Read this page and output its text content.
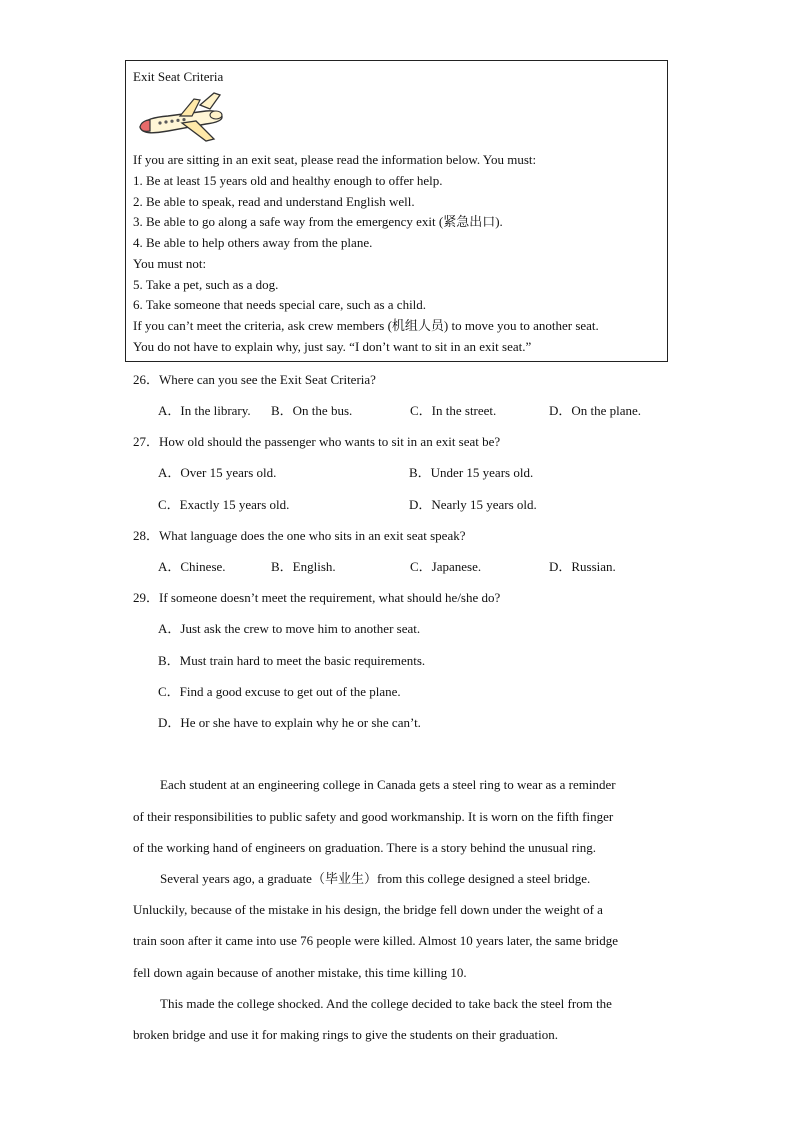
Exit Seat Criteria
If you are sitting in an exit seat, please read the information below. You must:
1. Be at least 15 years old and healthy enough to offer help.
2. Be able to speak, read and understand English well.
3. Be able to go along a safe way from the emergency exit (紧急出口).
4. Be able to help others away from the plane.
You must not:
5. Take a pet, such as a dog.
6. Take someone that needs special care, such as a child.
If you can’t meet the criteria, ask crew members (机组人员) to move you to another seat.
You do not have to explain why, just say. “I don’t want to sit in an exit seat.”
26．Where can you see the Exit Seat Criteria?
A．In the library. B．On the bus.	C．In the street.	D．On the plane.
27．How old should the passenger who wants to sit in an exit seat be?
A．Over 15 years old.	B．Under 15 years old.
C．Exactly 15 years old.	D．Nearly 15 years old.
28．What language does the one who sits in an exit seat speak?
A．Chinese.	B．English.	C．Japanese.	D．Russian.
29．If someone doesn’t meet the requirement, what should he/she do?
A．Just ask the crew to move him to another seat.
B．Must train hard to meet the basic requirements.
C．Find a good excuse to get out of the plane.
D．He or she have to explain why he or she can’t.
Each student at an engineering college in Canada gets a steel ring to wear as a reminder
of their responsibilities to public safety and good workmanship. It is worn on the fifth finger
of the working hand of engineers on graduation. There is a story behind the unusual ring.
Several years ago, a graduate（毕业生）from this college designed a steel bridge.
Unluckily, because of the mistake in his design, the bridge fell down under the weight of a
train soon after it came into use 76 people were killed. Almost 10 years later, the same bridge
fell down again because of another mistake, this time killing 10.
This made the college shocked. And the college decided to take back the steel from the
broken bridge and use it for making rings to give the students on their graduation.
